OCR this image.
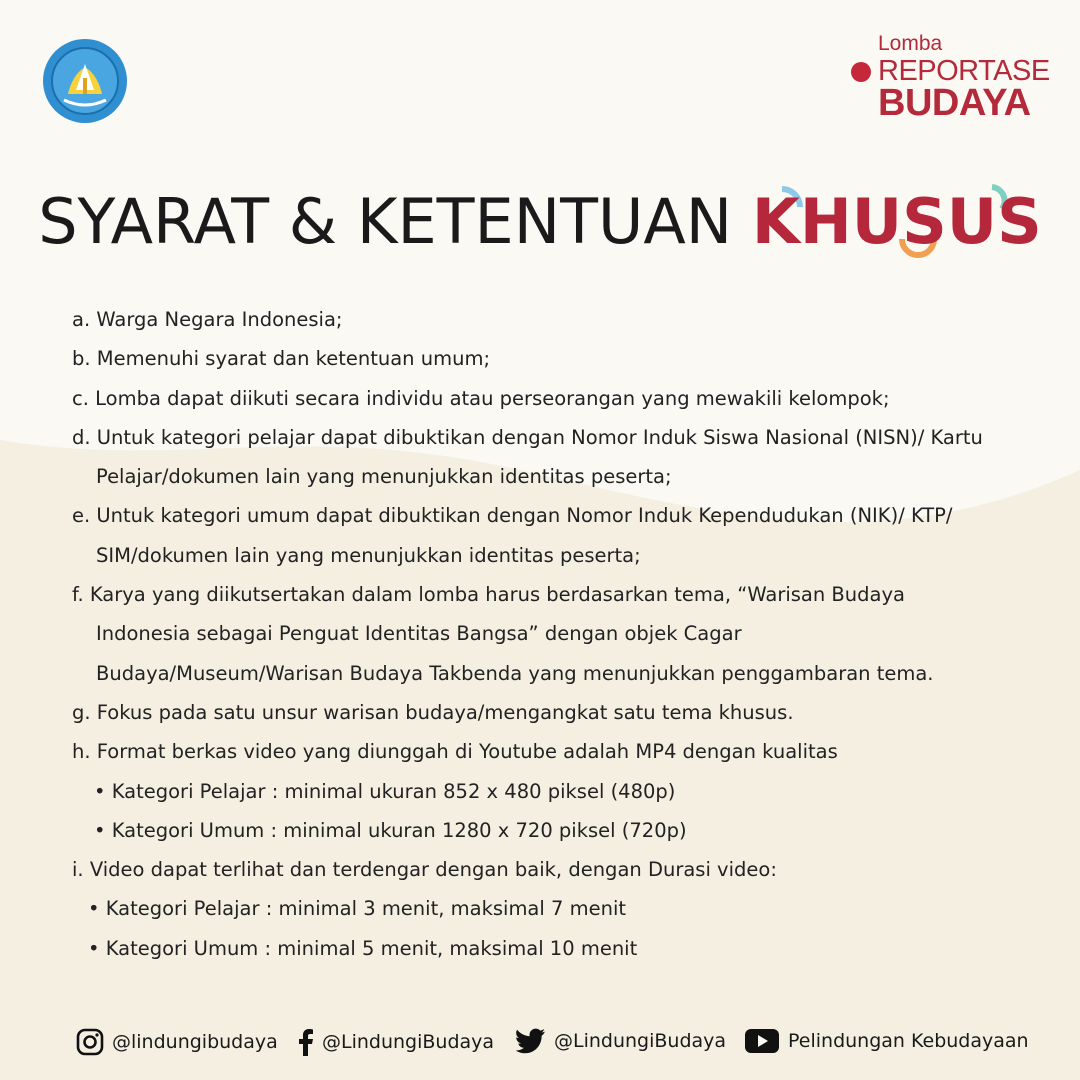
Lomba
REPORTASE
BUDAYA
SYARAT & KETENTUAN KHUSUS
a. Warga Negara Indonesia;
b. Memenuhi syarat dan ketentuan umum;
c. Lomba dapat diikuti secara individu atau perseorangan yang mewakili kelompok;
d. Untuk kategori pelajar dapat dibuktikan dengan Nomor Induk Siswa Nasional (NISN)/ Kartu
Pelajar/dokumen lain yang menunjukkan identitas peserta;
e. Untuk kategori umum dapat dibuktikan dengan Nomor Induk Kependudukan (NIK)/ KTP/
SIM/dokumen lain yang menunjukkan identitas peserta;
f. Karya yang diikutsertakan dalam lomba harus berdasarkan tema, “Warisan Budaya
Indonesia sebagai Penguat Identitas Bangsa” dengan objek Cagar
Budaya/Museum/Warisan Budaya Takbenda yang menunjukkan penggambaran tema.
g. Fokus pada satu unsur warisan budaya/mengangkat satu tema khusus.
h. Format berkas video yang diunggah di Youtube adalah MP4 dengan kualitas
• Kategori Pelajar : minimal ukuran 852 x 480 piksel (480p)
• Kategori Umum : minimal ukuran 1280 x 720 piksel (720p)
i. Video dapat terlihat dan terdengar dengan baik, dengan Durasi video:
• Kategori Pelajar : minimal 3 menit, maksimal 7 menit
• Kategori Umum : minimal 5 menit, maksimal 10 menit
@lindungibudaya @LindungiBudaya	@LindungiBudaya	Pelindungan Kebudayaan
